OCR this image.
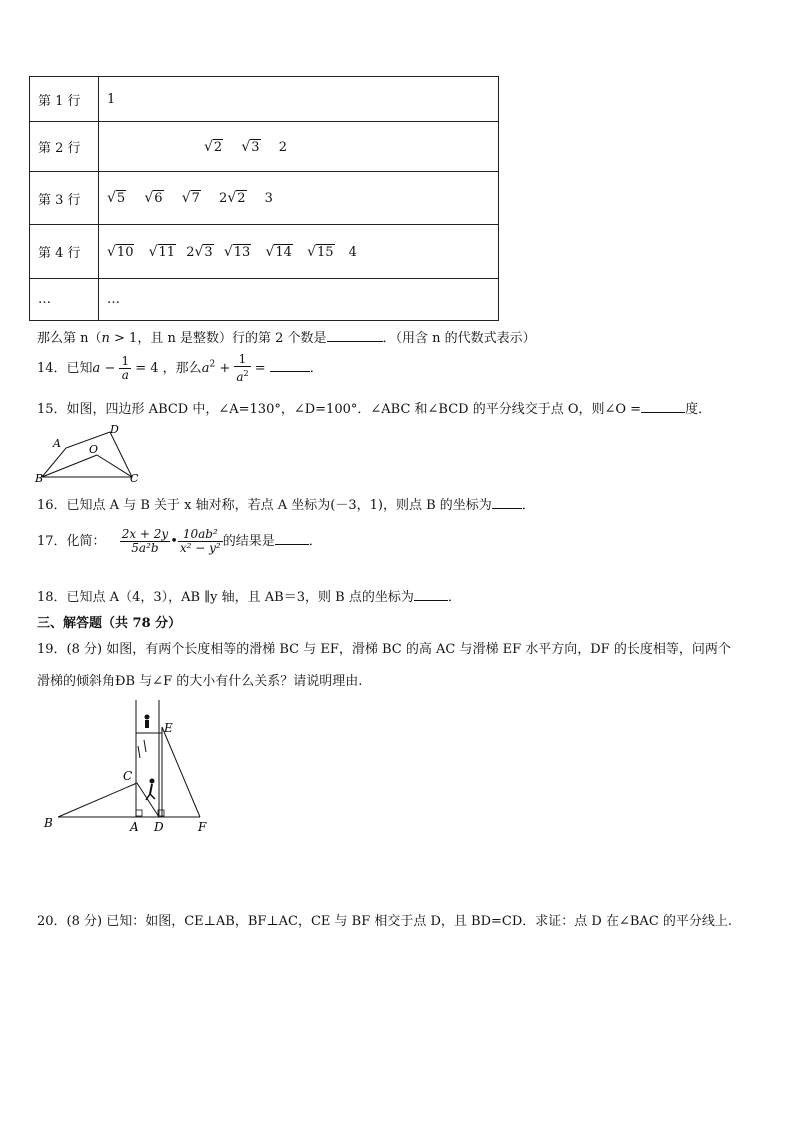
第 1 行	1
第 2 行	√2 √3 2
第 3 行	√5 √6 √7 2√2 3
第 4 行	√10 √11 2√3 √13 √14 √15 4
…	…
那么第 n（n > 1，且 n 是整数）行的第 2 个数是	．（用含 n 的代数式表示）
14．已知$a - \frac{1}{a} = 4$ ，那么$a^2 + \frac{1}{a^2}$ =	．
15．如图，四边形 ABCD 中，∠A=130°，∠D=100°．∠ABC 和∠BCD 的平分线交于点 O，则∠O =	度．
A
B	C
D
O
16．已知点 A 与 B 关于 x 轴对称，若点 A 坐标为(－3，1)，则点 B 的坐标为 ．
17．化简： $\frac{2x + 2y}{\text{5a²b}}$ • $\frac{\text{10ab²}}{\text{x² − y²}}$ 的结果是	．
18．已知点 A（4，3），AB ∥y 轴，且 AB＝3，则 B 点的坐标为	．
三、解答题（共 78 分）
19．(8 分) 如图，有两个长度相等的滑梯 BC 与 EF，滑梯 BC 的高 AC 与滑梯 EF 水平方向，DF 的长度相等，问两个
滑梯的倾斜角ÐB 与∠F 的大小有什么关系？请说明理由.
B	A
C
D
E
F
20．(8 分) 已知：如图，CE⊥AB，BF⊥AC，CE 与 BF 相交于点 D，且 BD=CD．求证：点 D 在∠BAC 的平分线上.
